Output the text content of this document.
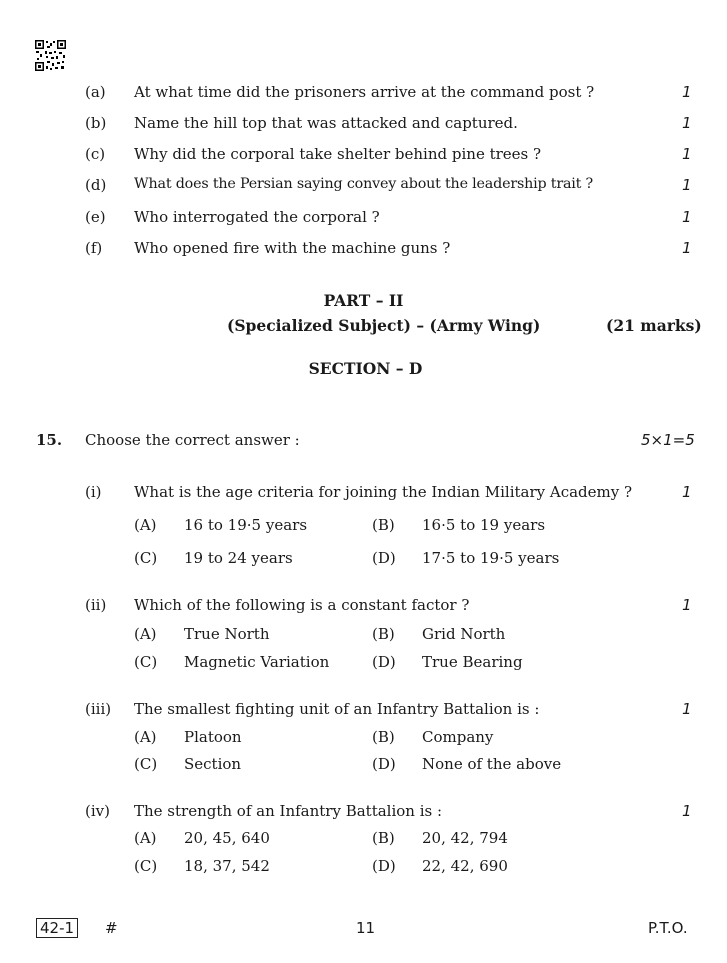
(a) At what time did the prisoners arrive at the command post ?	1
(b) Name the hill top that was attacked and captured.	1
(c) Why did the corporal take shelter behind pine trees ?	1
(d) What does the Persian saying convey about the leadership trait ?	1
(e) Who interrogated the corporal ?	1
(f) Who opened fire with the machine guns ?	1
PART – II
(Specialized Subject) – (Army Wing)	(21 marks)
SECTION – D
15. Choose the correct answer :	5×1=5
(i) What is the age criteria for joining the Indian Military Academy ?	1
(A) 16 to 19·5 years	(B) 16·5 to 19 years
(C) 19 to 24 years	(D) 17·5 to 19·5 years
(ii) Which of the following is a constant factor ?	1
(A) True North	(B) Grid North
(C) Magnetic Variation	(D) True Bearing
(iii) The smallest fighting unit of an Infantry Battalion is :	1
(A) Platoon	(B) Company
(C) Section	(D) None of the above
(iv) The strength of an Infantry Battalion is :	1
(A) 20, 45, 640	(B) 20, 42, 794
(C) 18, 37, 542	(D) 22, 42, 690
42-1 #	11	P.T.O.
